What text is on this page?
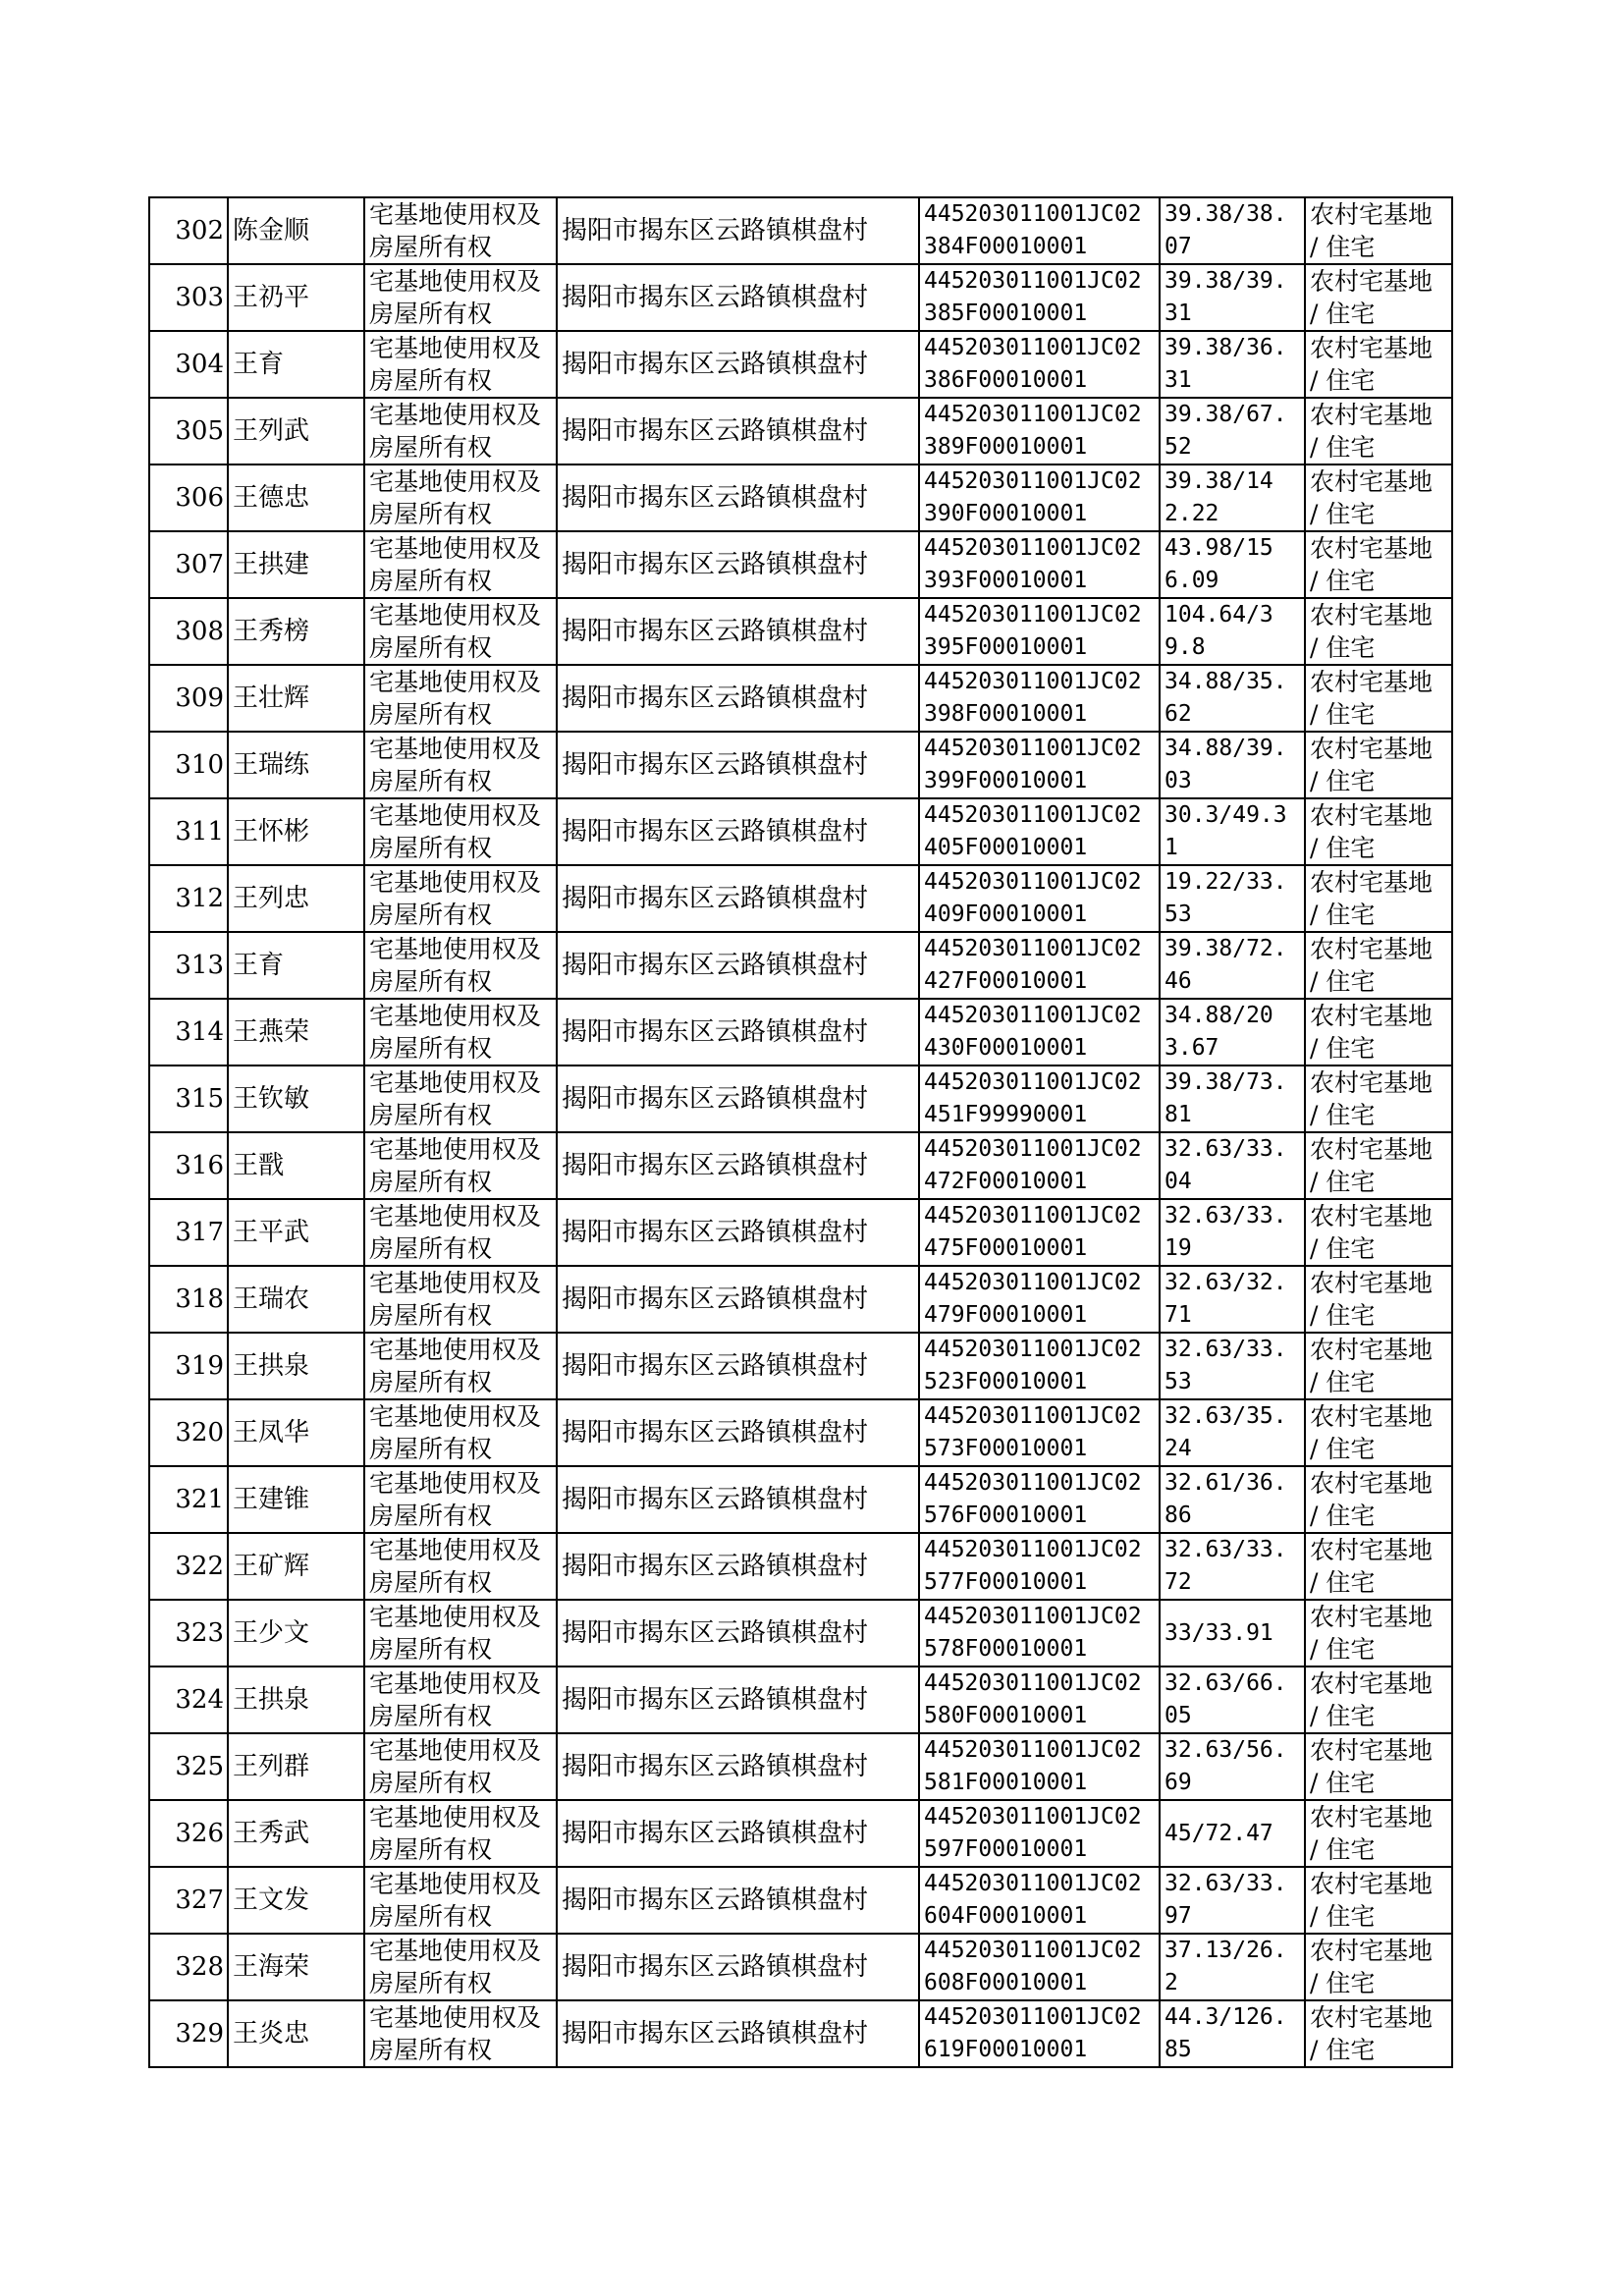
302	陈金顺	宅基地使用权及房屋所有权	揭阳市揭东区云路镇棋盘村	445203011001JC02384F00010001	39.38/38.07	农村宅基地 / 住宅
303	王礽平	宅基地使用权及房屋所有权	揭阳市揭东区云路镇棋盘村	445203011001JC02385F00010001	39.38/39.31	农村宅基地 / 住宅
304	王育	宅基地使用权及房屋所有权	揭阳市揭东区云路镇棋盘村	445203011001JC02386F00010001	39.38/36.31	农村宅基地 / 住宅
305	王列武	宅基地使用权及房屋所有权	揭阳市揭东区云路镇棋盘村	445203011001JC02389F00010001	39.38/67.52	农村宅基地 / 住宅
306	王德忠	宅基地使用权及房屋所有权	揭阳市揭东区云路镇棋盘村	445203011001JC02390F00010001	39.38/142.22	农村宅基地 / 住宅
307	王拱建	宅基地使用权及房屋所有权	揭阳市揭东区云路镇棋盘村	445203011001JC02393F00010001	43.98/156.09	农村宅基地 / 住宅
308	王秀榜	宅基地使用权及房屋所有权	揭阳市揭东区云路镇棋盘村	445203011001JC02395F00010001	104.64/39.8	农村宅基地 / 住宅
309	王壮辉	宅基地使用权及房屋所有权	揭阳市揭东区云路镇棋盘村	445203011001JC02398F00010001	34.88/35.62	农村宅基地 / 住宅
310	王瑞练	宅基地使用权及房屋所有权	揭阳市揭东区云路镇棋盘村	445203011001JC02399F00010001	34.88/39.03	农村宅基地 / 住宅
311	王怀彬	宅基地使用权及房屋所有权	揭阳市揭东区云路镇棋盘村	445203011001JC02405F00010001	30.3/49.31	农村宅基地 / 住宅
312	王列忠	宅基地使用权及房屋所有权	揭阳市揭东区云路镇棋盘村	445203011001JC02409F00010001	19.22/33.53	农村宅基地 / 住宅
313	王育	宅基地使用权及房屋所有权	揭阳市揭东区云路镇棋盘村	445203011001JC02427F00010001	39.38/72.46	农村宅基地 / 住宅
314	王燕荣	宅基地使用权及房屋所有权	揭阳市揭东区云路镇棋盘村	445203011001JC02430F00010001	34.88/203.67	农村宅基地 / 住宅
315	王钦敏	宅基地使用权及房屋所有权	揭阳市揭东区云路镇棋盘村	445203011001JC02451F99990001	39.38/73.81	农村宅基地 / 住宅
316	王戬	宅基地使用权及房屋所有权	揭阳市揭东区云路镇棋盘村	445203011001JC02472F00010001	32.63/33.04	农村宅基地 / 住宅
317	王平武	宅基地使用权及房屋所有权	揭阳市揭东区云路镇棋盘村	445203011001JC02475F00010001	32.63/33.19	农村宅基地 / 住宅
318	王瑞农	宅基地使用权及房屋所有权	揭阳市揭东区云路镇棋盘村	445203011001JC02479F00010001	32.63/32.71	农村宅基地 / 住宅
319	王拱泉	宅基地使用权及房屋所有权	揭阳市揭东区云路镇棋盘村	445203011001JC02523F00010001	32.63/33.53	农村宅基地 / 住宅
320	王凤华	宅基地使用权及房屋所有权	揭阳市揭东区云路镇棋盘村	445203011001JC02573F00010001	32.63/35.24	农村宅基地 / 住宅
321	王建锥	宅基地使用权及房屋所有权	揭阳市揭东区云路镇棋盘村	445203011001JC02576F00010001	32.61/36.86	农村宅基地 / 住宅
322	王矿辉	宅基地使用权及房屋所有权	揭阳市揭东区云路镇棋盘村	445203011001JC02577F00010001	32.63/33.72	农村宅基地 / 住宅
323	王少文	宅基地使用权及房屋所有权	揭阳市揭东区云路镇棋盘村	445203011001JC02578F00010001	33/33.91	农村宅基地 / 住宅
324	王拱泉	宅基地使用权及房屋所有权	揭阳市揭东区云路镇棋盘村	445203011001JC02580F00010001	32.63/66.05	农村宅基地 / 住宅
325	王列群	宅基地使用权及房屋所有权	揭阳市揭东区云路镇棋盘村	445203011001JC02581F00010001	32.63/56.69	农村宅基地 / 住宅
326	王秀武	宅基地使用权及房屋所有权	揭阳市揭东区云路镇棋盘村	445203011001JC02597F00010001	45/72.47	农村宅基地 / 住宅
327	王文发	宅基地使用权及房屋所有权	揭阳市揭东区云路镇棋盘村	445203011001JC02604F00010001	32.63/33.97	农村宅基地 / 住宅
328	王海荣	宅基地使用权及房屋所有权	揭阳市揭东区云路镇棋盘村	445203011001JC02608F00010001	37.13/26.2	农村宅基地 / 住宅
329	王炎忠	宅基地使用权及房屋所有权	揭阳市揭东区云路镇棋盘村	445203011001JC02619F00010001	44.3/126.85	农村宅基地 / 住宅
